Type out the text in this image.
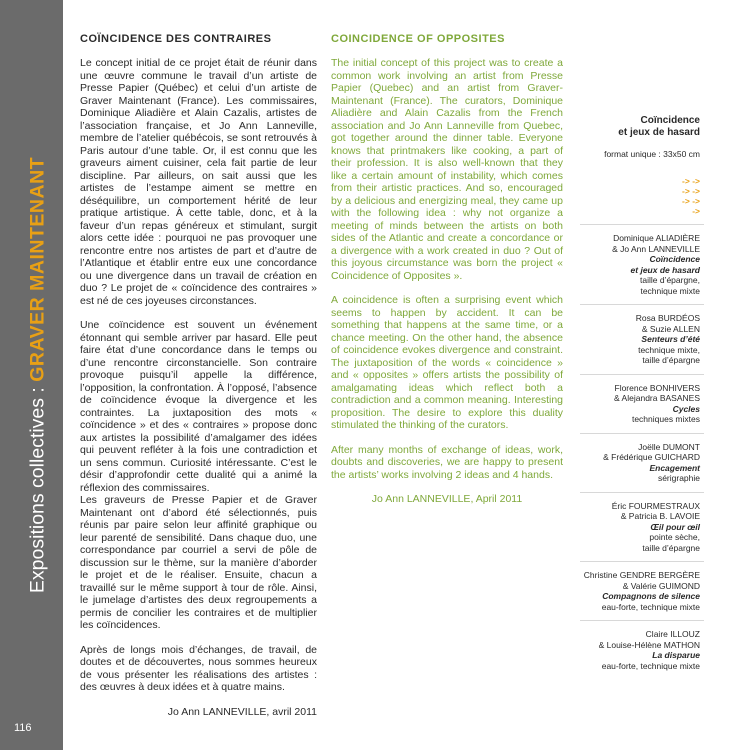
Expositions collectives : GRAVER MAINTENANT
116
COÏNCIDENCE DES CONTRAIRES

Le concept initial de ce projet était de réunir dans une œuvre commune le travail d’un artiste de Presse Papier (Québec) et celui d’un artiste de Graver Maintenant (France). Les commissaires, Dominique Aliadière et Alain Cazalis, artistes de l’association française, et Jo Ann Lanneville, membre de l’atelier québécois, se sont retrouvés à Paris autour d’une table. Or, il est connu que les graveurs aiment cuisiner, cela fait partie de leur discipline. Par ailleurs, on sait aussi que les artistes de l’estampe aiment se mettre en déséquilibre, un comportement hérité de leur pratique artistique. À cette table, donc, et à la faveur d’un repas généreux et stimulant, surgit alors cette idée : pourquoi ne pas provoquer une rencontre entre nos artistes de part et d’autre de l’Atlantique et établir entre eux une concordance ou une divergence dans un travail de création en duo ? Le projet de « coïncidence des contraires » est né de ces joyeuses circonstances.

Une coïncidence est souvent un événement étonnant qui semble arriver par hasard. Elle peut faire état d’une concordance dans le temps ou d’une rencontre circonstancielle. Son contraire provoque puisqu’il appelle la différence, l’opposition, la confrontation. À l’opposé, l’absence de coïncidence évoque la divergence et les contraintes. La juxtaposition des mots « coïncidence » et des « contraires » propose donc aux artistes la possibilité d’amalgamer des idées qui peuvent refléter à la fois une contradiction et un sens commun. Curiosité intéressante. C’est le désir d’approfondir cette dualité qui a animé la réflexion des commissaires.

Les graveurs de Presse Papier et de Graver Maintenant ont d’abord été sélectionnés, puis réunis par paire selon leur affinité graphique ou leur parenté de sensibilité. Dans chaque duo, une correspondance par courriel a servi de pôle de discussion sur le thème, sur la manière d’aborder le projet et de le réaliser. Ensuite, chacun a travaillé sur le même support à tour de rôle. Ainsi, le jumelage d’artistes des deux regroupements a permis de concilier les contraires et de multiplier les coïncidences.

Après de longs mois d’échanges, de travail, de doutes et de découvertes, nous sommes heureux de vous présenter les réalisations des artistes : des œuvres à deux idées et à quatre mains.

Jo Ann LANNEVILLE, avril 2011
COINCIDENCE OF OPPOSITES

The initial concept of this project was to create a common work involving an artist from Presse Papier (Quebec) and an artist from Graver-Maintenant (France). The curators, Dominique Aliadière and Alain Cazalis from the French association and Jo Ann Lanneville from Quebec, got together around the dinner table. Everyone knows that printmakers like cooking, a part of their profession. It is also well-known that they like a certain amount of instability, which comes from their artistic practices. And so, encouraged by a delicious and energizing meal, they came up with the following idea : why not organize a meeting of minds between the artists on both sides of the Atlantic and create a concordance or a divergence with a work created in duo ? Out of this joyous circumstance was born the project « Coincidence of Opposites ».

A coincidence is often a surprising event which seems to happen by accident. It can be something that happens at the same time, or a chance meeting. On the other hand, the absence of coincidence evokes divergence and constraint. The juxtaposition of the words « coincidence » and « opposites » offers artists the possibility of amalgamating ideas which reflect both a contradiction and a common meaning. Interesting proposition. The desire to explore this duality stimulated the thinking of the curators.

After many months of exchange of ideas, work, doubts and discoveries, we are happy to present the artists’ works involving 2 ideas and 4 hands.

Jo Ann LANNEVILLE, April 2011
Coïncidence
et jeux de hasard
format unique : 33x50 cm
-> ->
-> ->
-> ->
->
Dominique ALIADIÈRE
& Jo Ann LANNEVILLE
Coïncidence
et jeux de hasard
taille d’épargne,
technique mixte
Rosa BURDÉOS
& Suzie ALLEN
Senteurs d’été
technique mixte,
taille d’épargne
Florence BONHIVERS
& Alejandra BASANES
Cycles
techniques mixtes
Joëlle DUMONT
& Frédérique GUICHARD
Encagement
sérigraphie
Éric FOURMESTRAUX
& Patricia B. LAVOIE
Œil pour œil
pointe sèche,
taille d’épargne
Christine GENDRE BERGÈRE
& Valérie GUIMOND
Compagnons de silence
eau-forte, technique mixte
Claire ILLOUZ
& Louise-Hélène MATHON
La disparue
eau-forte, technique mixte
